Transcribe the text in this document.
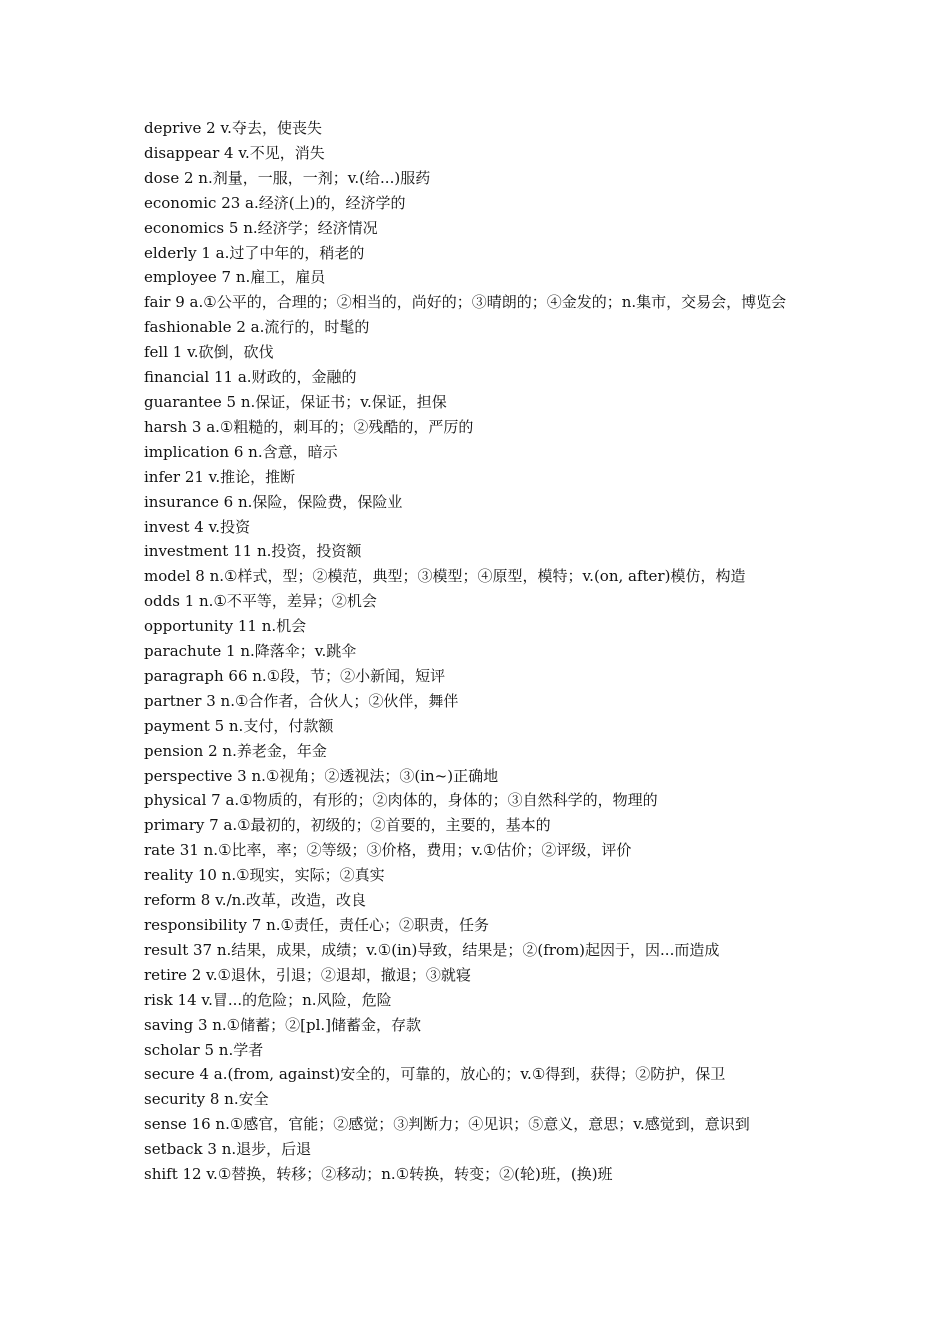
deprive 2 v.夺去，使丧失

disappear 4 v.不见，消失

dose 2 n.剂量，一服，一剂；v.(给...)服药

economic 23 a.经济(上)的，经济学的

economics 5 n.经济学；经济情况

elderly 1 a.过了中年的，稍老的

employee 7 n.雇工，雇员

fair 9 a.①公平的，合理的；②相当的，尚好的；③晴朗的；④金发的；n.集市，交易会，博览会

fashionable 2 a.流行的，时髦的

fell 1 v.砍倒，砍伐

financial 11 a.财政的，金融的

guarantee 5 n.保证，保证书；v.保证，担保

harsh 3 a.①粗糙的，刺耳的；②残酷的，严厉的

implication 6 n.含意，暗示

infer 21 v.推论，推断

insurance 6 n.保险，保险费，保险业

invest 4 v.投资

investment 11 n.投资，投资额

model 8 n.①样式，型；②模范，典型；③模型；④原型，模特；v.(on, after)模仿，构造

odds 1 n.①不平等，差异；②机会

opportunity 11 n.机会

parachute 1 n.降落伞；v.跳伞

paragraph 66 n.①段，节；②小新闻，短评

partner 3 n.①合作者，合伙人；②伙伴，舞伴

payment 5 n.支付，付款额

pension 2 n.养老金，年金

perspective 3 n.①视角；②透视法；③(in~)正确地

physical 7 a.①物质的，有形的；②肉体的，身体的；③自然科学的，物理的

primary 7 a.①最初的，初级的；②首要的，主要的，基本的

rate 31 n.①比率，率；②等级；③价格，费用；v.①估价；②评级，评价

reality 10 n.①现实，实际；②真实

reform 8 v./n.改革，改造，改良

responsibility 7 n.①责任，责任心；②职责，任务

result 37 n.结果，成果，成绩；v.①(in)导致，结果是；②(from)起因于，因...而造成

retire 2 v.①退休，引退；②退却，撤退；③就寝

risk 14 v.冒...的危险；n.风险，危险

saving 3 n.①储蓄；②[pl.]储蓄金，存款

scholar 5 n.学者

secure 4 a.(from, against)安全的，可靠的，放心的；v.①得到，获得；②防护，保卫

security 8 n.安全

sense 16 n.①感官，官能；②感觉；③判断力；④见识；⑤意义，意思；v.感觉到，意识到

setback 3 n.退步，后退

shift 12 v.①替换，转移；②移动；n.①转换，转变；②(轮)班，(换)班
